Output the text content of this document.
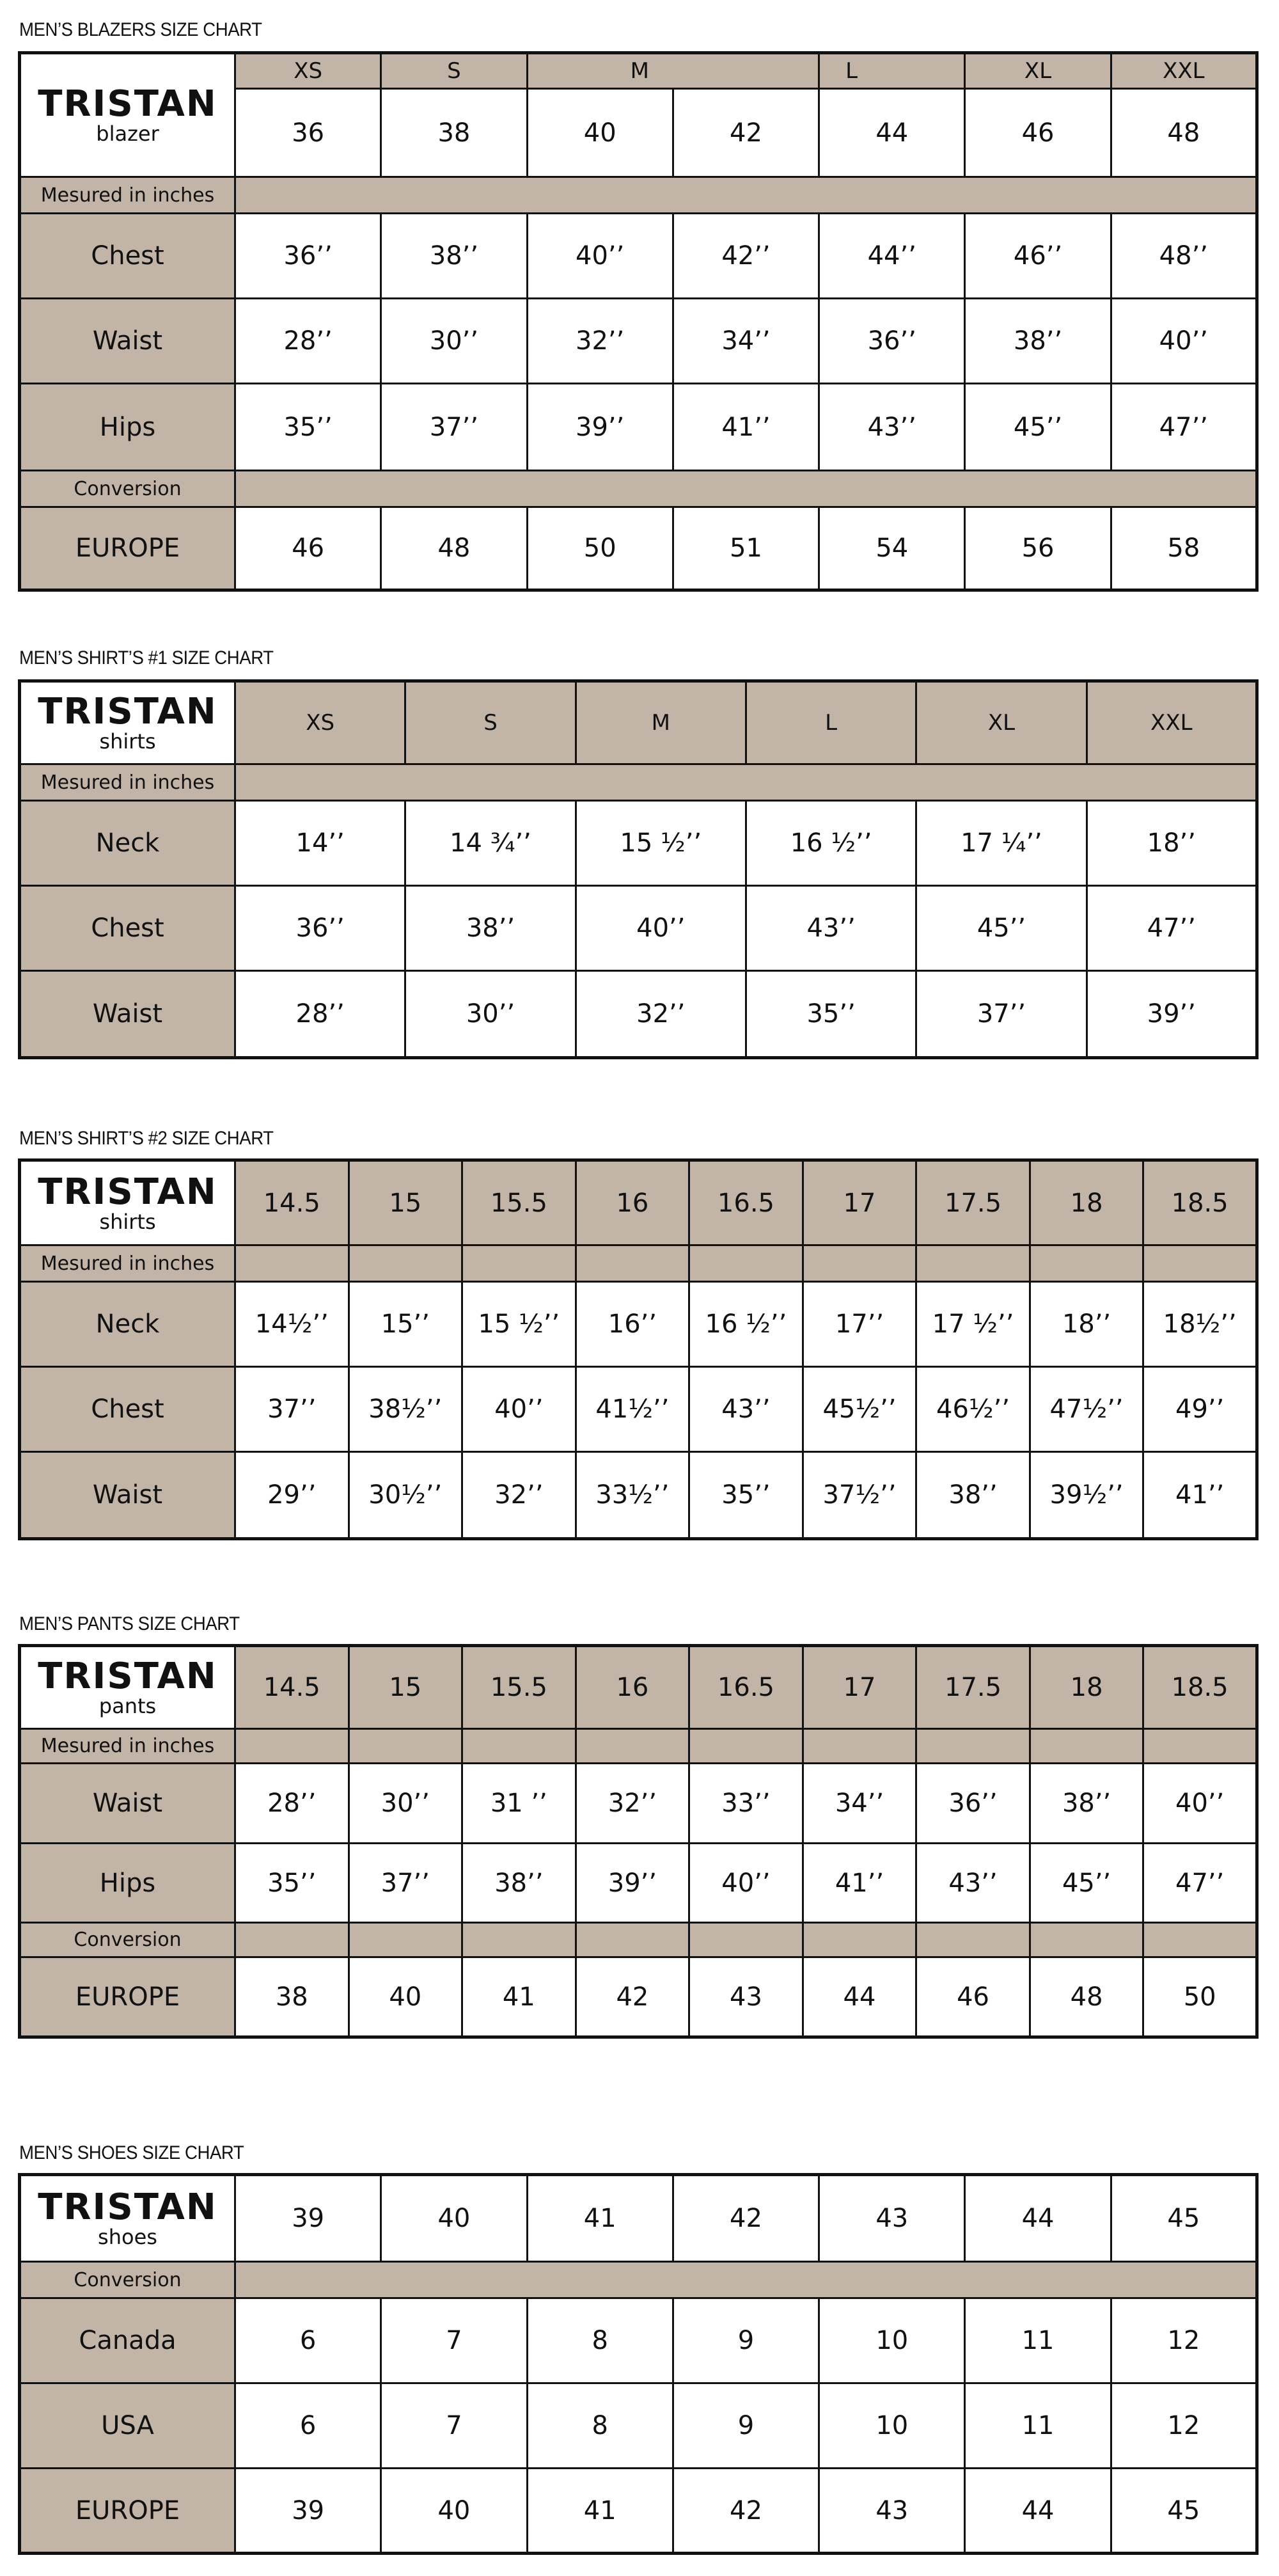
MEN’S BLAZERS SIZE CHART
TRISTAN
blazer	XS	S	M		L	XL	XXL
	36	38	40	42	44	46	48
Mesured in inches							
Chest	36’’	38’’	40’’	42’’	44’’	46’’	48’’
Waist	28’’	30’’	32’’	34’’	36’’	38’’	40’’
Hips	35’’	37’’	39’’	41’’	43’’	45’’	47’’
Conversion							
EUROPE	46	48	50	51	54	56	58
MEN’S SHIRT’S #1 SIZE CHART
TRISTAN
shirts	XS	S	M	L	XL	XXL
Mesured in inches						
Neck	14’’	14 ¾’’	15 ½’’	16 ½’’	17 ¼’’	18’’
Chest	36’’	38’’	40’’	43’’	45’’	47’’
Waist	28’’	30’’	32’’	35’’	37’’	39’’
MEN’S SHIRT’S #2 SIZE CHART
TRISTAN
shirts	14.5	15	15.5	16	16.5	17	17.5	18	18.5
Mesured in inches									
Neck	14½’’	15’’	15 ½’’	16’’	16 ½’’	17’’	17 ½’’	18’’	18½’’
Chest	37’’	38½’’	40’’	41½’’	43’’	45½’’	46½’’	47½’’	49’’
Waist	29’’	30½’’	32’’	33½’’	35’’	37½’’	38’’	39½’’	41’’
MEN’S PANTS SIZE CHART
TRISTAN
pants	14.5	15	15.5	16	16.5	17	17.5	18	18.5
Mesured in inches									
Waist	28’’	30’’	31 ’’	32’’	33’’	34’’	36’’	38’’	40’’
Hips	35’’	37’’	38’’	39’’	40’’	41’’	43’’	45’’	47’’
Conversion									
EUROPE	38	40	41	42	43	44	46	48	50
MEN’S SHOES SIZE CHART
TRISTAN
shoes	39	40	41	42	43	44	45
Conversion							
Canada	6	7	8	9	10	11	12
USA	6	7	8	9	10	11	12
EUROPE	39	40	41	42	43	44	45
